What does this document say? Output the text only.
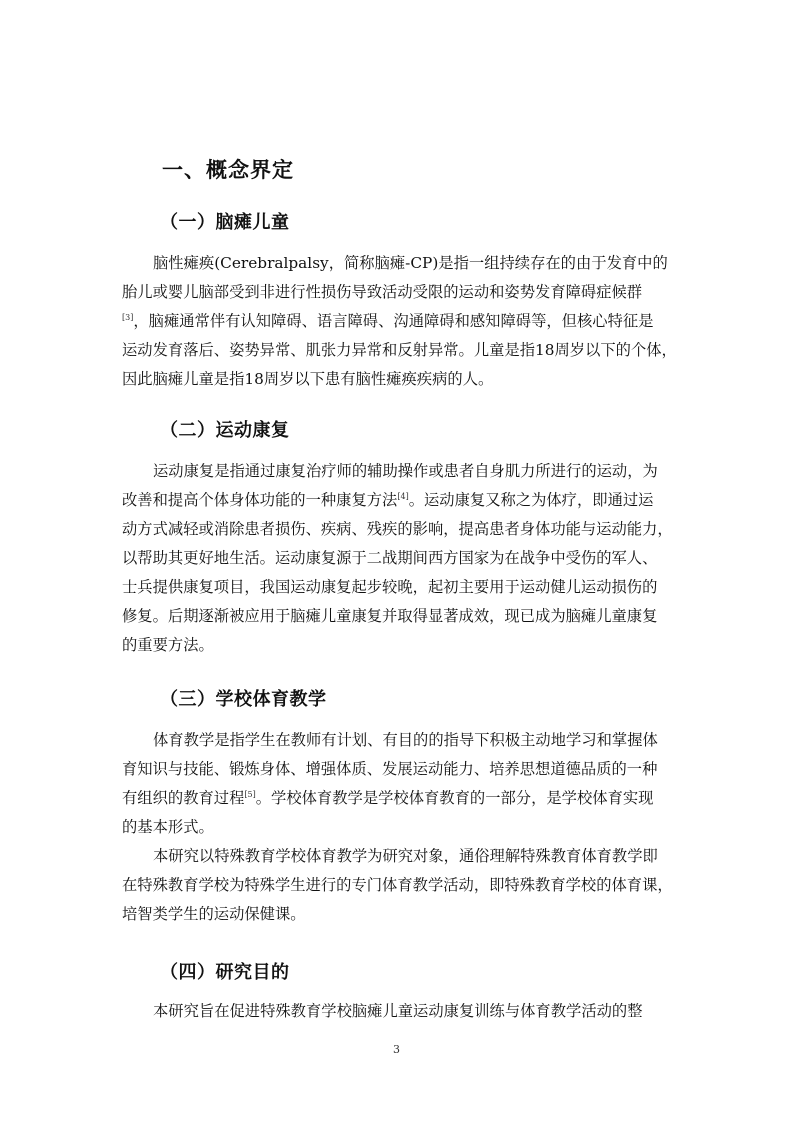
一、概念界定
（一）脑瘫儿童

脑性瘫痪(Cerebralpalsy，简称脑瘫-CP)是指一组持续存在的由于发育中的
胎儿或婴儿脑部受到非进行性损伤导致活动受限的运动和姿势发育障碍症候群
[3]，脑瘫通常伴有认知障碍、语言障碍、沟通障碍和感知障碍等，但核心特征是
运动发育落后、姿势异常、肌张力异常和反射异常。儿童是指18周岁以下的个体，
因此脑瘫儿童是指18周岁以下患有脑性瘫痪疾病的人。

（二）运动康复

运动康复是指通过康复治疗师的辅助操作或患者自身肌力所进行的运动，为
改善和提高个体身体功能的一种康复方法[4]。运动康复又称之为体疗，即通过运
动方式减轻或消除患者损伤、疾病、残疾的影响，提高患者身体功能与运动能力，
以帮助其更好地生活。运动康复源于二战期间西方国家为在战争中受伤的军人、
士兵提供康复项目，我国运动康复起步较晚，起初主要用于运动健儿运动损伤的
修复。后期逐渐被应用于脑瘫儿童康复并取得显著成效，现已成为脑瘫儿童康复
的重要方法。

（三）学校体育教学

体育教学是指学生在教师有计划、有目的的指导下积极主动地学习和掌握体
育知识与技能、锻炼身体、增强体质、发展运动能力、培养思想道德品质的一种
有组织的教育过程[5]。学校体育教学是学校体育教育的一部分，是学校体育实现
的基本形式。

本研究以特殊教育学校体育教学为研究对象，通俗理解特殊教育体育教学即
在特殊教育学校为特殊学生进行的专门体育教学活动，即特殊教育学校的体育课，
培智类学生的运动保健课。

（四）研究目的

本研究旨在促进特殊教育学校脑瘫儿童运动康复训练与体育教学活动的整

3
